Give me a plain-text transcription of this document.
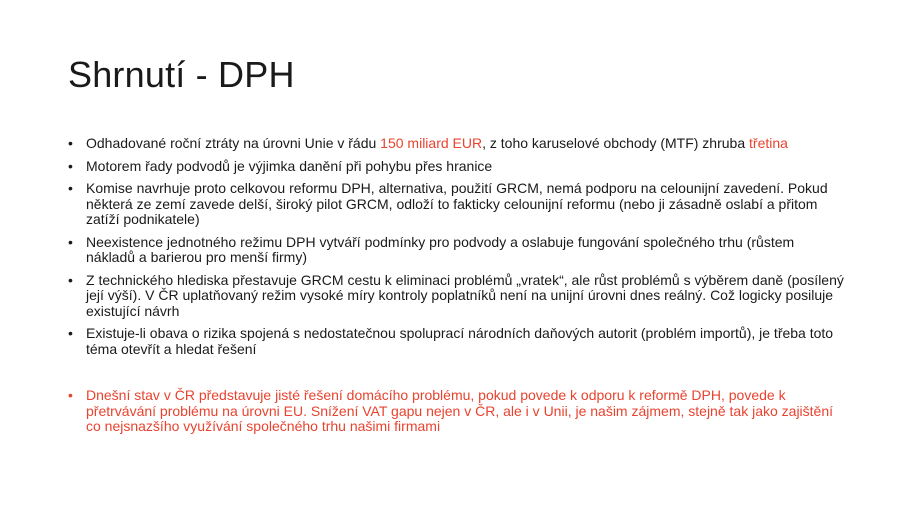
Shrnutí - DPH
• Odhadované roční ztráty na úrovni Unie v řádu 150 miliard EUR, z toho karuselové obchody (MTF) zhruba třetina
• Motorem řady podvodů je výjimka danění při pohybu přes hranice
• Komise navrhuje proto celkovou reformu DPH, alternativa, použití GRCM, nemá podporu na celounijní zavedení. Pokud některá ze zemí zavede delší, široký pilot GRCM, odloží to fakticky celounijní reformu (nebo ji zásadně oslabí a přitom zatíží podnikatele)
• Neexistence jednotného režimu DPH vytváří podmínky pro podvody a oslabuje fungování společného trhu (růstem nákladů a barierou pro menší firmy)
• Z technického hlediska přestavuje GRCM cestu k eliminaci problémů „vratek“, ale růst problémů s výběrem daně (posílený její výší). V ČR uplatňovaný režim vysoké míry kontroly poplatníků není na unijní úrovni dnes reálný. Což logicky posiluje existující návrh
• Existuje-li obava o rizika spojená s nedostatečnou spoluprací národních daňových autorit (problém importů), je třeba toto téma otevřít a hledat řešení
• Dnešní stav v ČR představuje jisté řešení domácího problému, pokud povede k odporu k reformě DPH, povede k přetrvávání problému na úrovni EU. Snížení VAT gapu nejen v ČR, ale i v Unii, je našim zájmem, stejně tak jako zajištění co nejsnazšího využívání společného trhu našimi firmami
